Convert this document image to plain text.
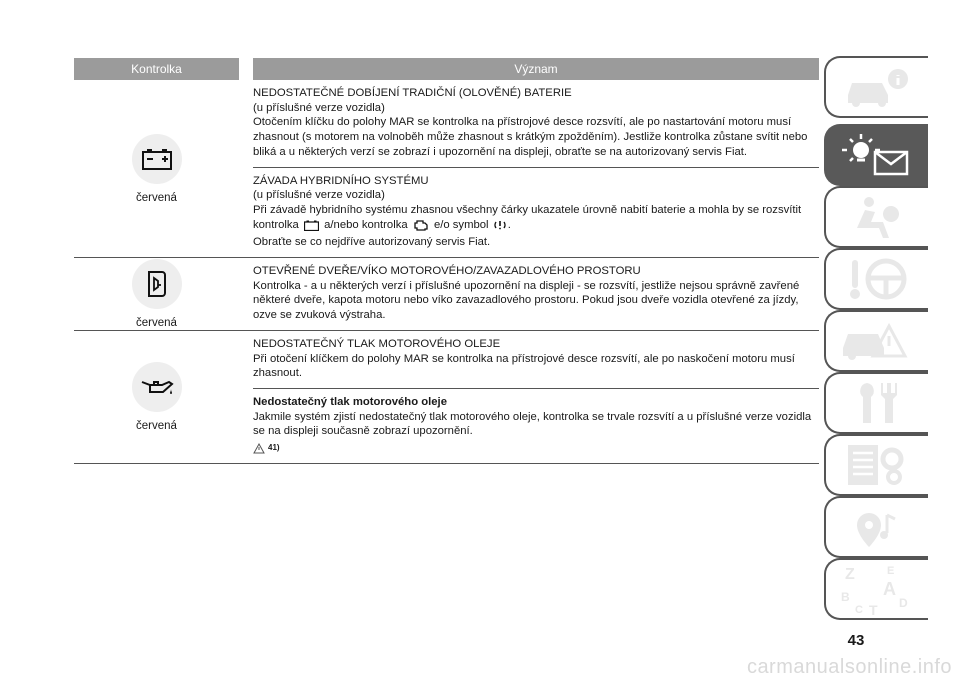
Kontrolka	Význam
červená

NEDOSTATEČNÉ DOBÍJENÍ TRADIČNÍ (OLOVĚNÉ) BATERIE

(u příslušné verze vozidla)

Otočením klíčku do polohy MAR se kontrolka na přístrojové desce rozsvítí, ale po nastartování motoru musí zhasnout (s motorem na volnoběh může zhasnout s krátkým zpožděním). Jestliže kontrolka zůstane svítit nebo bliká a u některých verzí se zobrazí i upozornění na displeji, obraťte se na autorizovaný servis Fiat.

ZÁVADA HYBRIDNÍHO SYSTÉMU

(u příslušné verze vozidla)

Při závadě hybridního systému zhasnou všechny čárky ukazatele úrovně nabití baterie a mohla by se rozsvítit kontrolka a/nebo kontrolka e/o symbol .

Obraťte se co nejdříve autorizovaný servis Fiat.

červená

OTEVŘENÉ DVEŘE/VÍKO MOTOROVÉHO/ZAVAZADLOVÉHO PROSTORU

Kontrolka - a u některých verzí i příslušné upozornění na displeji - se rozsvítí, jestliže nejsou správně zavřené některé dveře, kapota motoru nebo víko zavazadlového prostoru. Pokud jsou dveře vozidla otevřené za jízdy, ozve se zvuková výstraha.

červená

NEDOSTATEČNÝ TLAK MOTOROVÉHO OLEJE

Při otočení klíčkem do polohy MAR se kontrolka na přístrojové desce rozsvítí, ale po naskočení motoru musí zhasnout.

Nedostatečný tlak motorového oleje

Jakmile systém zjistí nedostatečný tlak motorového oleje, kontrolka se trvale rozsvítí a u příslušné verze vozidla se na displeji současně zobrazí upozornění.

41)
Z	E
A
B
C T D
43
carmanualsonline.info
